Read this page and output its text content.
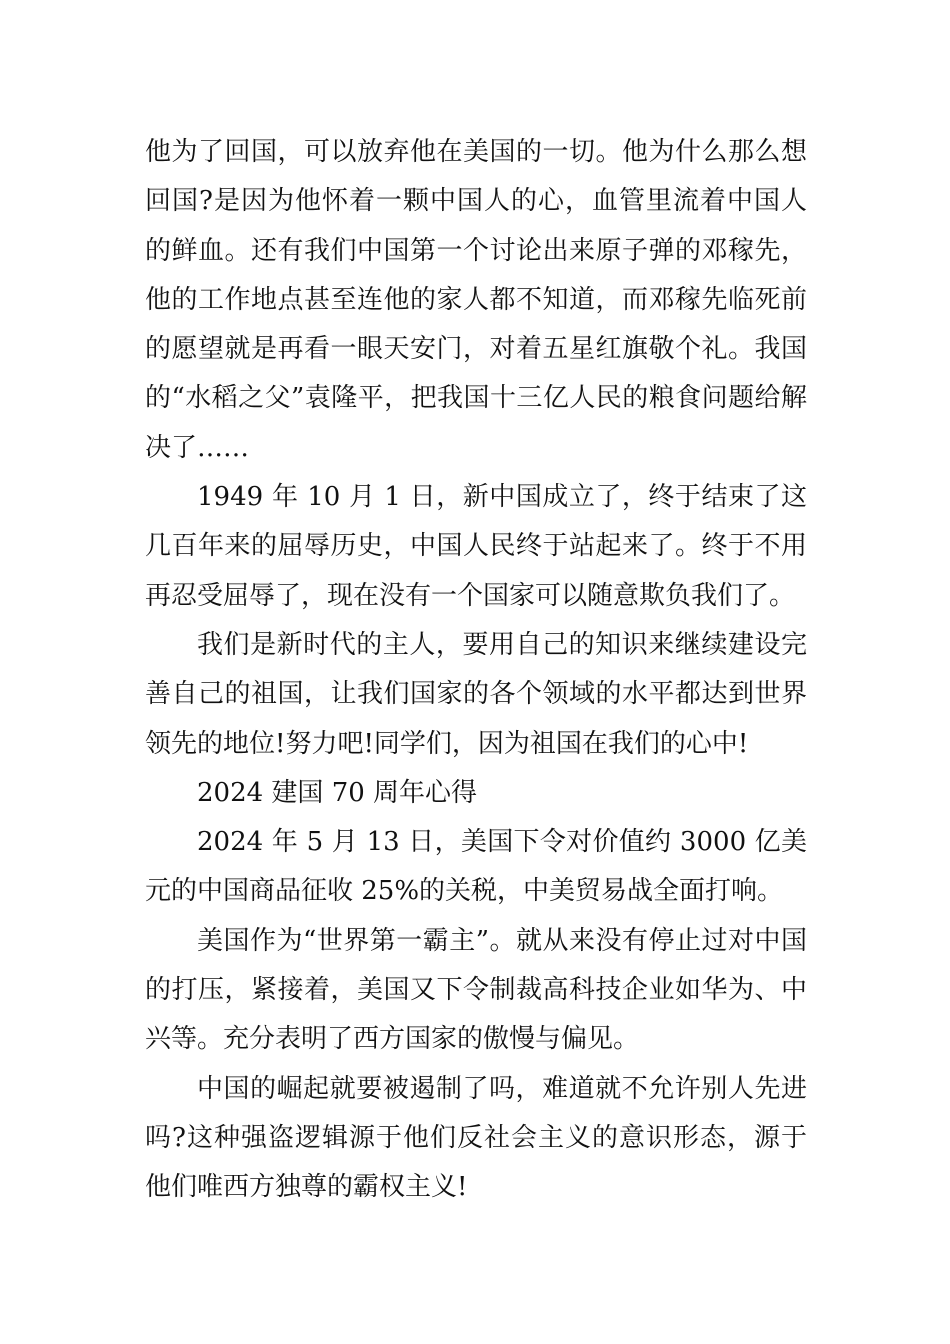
他为了回国，可以放弃他在美国的一切。他为什么那么想回国?是因为他怀着一颗中国人的心，血管里流着中国人的鲜血。还有我们中国第一个讨论出来原子弹的邓稼先，他的工作地点甚至连他的家人都不知道，而邓稼先临死前的愿望就是再看一眼天安门，对着五星红旗敬个礼。我国的“水稻之父”袁隆平，把我国十三亿人民的粮食问题给解决了……

1949 年 10 月 1 日，新中国成立了，终于结束了这几百年来的屈辱历史，中国人民终于站起来了。终于不用再忍受屈辱了，现在没有一个国家可以随意欺负我们了。

我们是新时代的主人，要用自己的知识来继续建设完善自己的祖国，让我们国家的各个领域的水平都达到世界领先的地位!努力吧!同学们，因为祖国在我们的心中!

2024 建国 70 周年心得

2024 年 5 月 13 日，美国下令对价值约 3000 亿美元的中国商品征收 25%的关税，中美贸易战全面打响。

美国作为“世界第一霸主”。就从来没有停止过对中国的打压，紧接着，美国又下令制裁高科技企业如华为、中兴等。充分表明了西方国家的傲慢与偏见。

中国的崛起就要被遏制了吗，难道就不允许别人先进吗?这种强盗逻辑源于他们反社会主义的意识形态，源于他们唯西方独尊的霸权主义!
